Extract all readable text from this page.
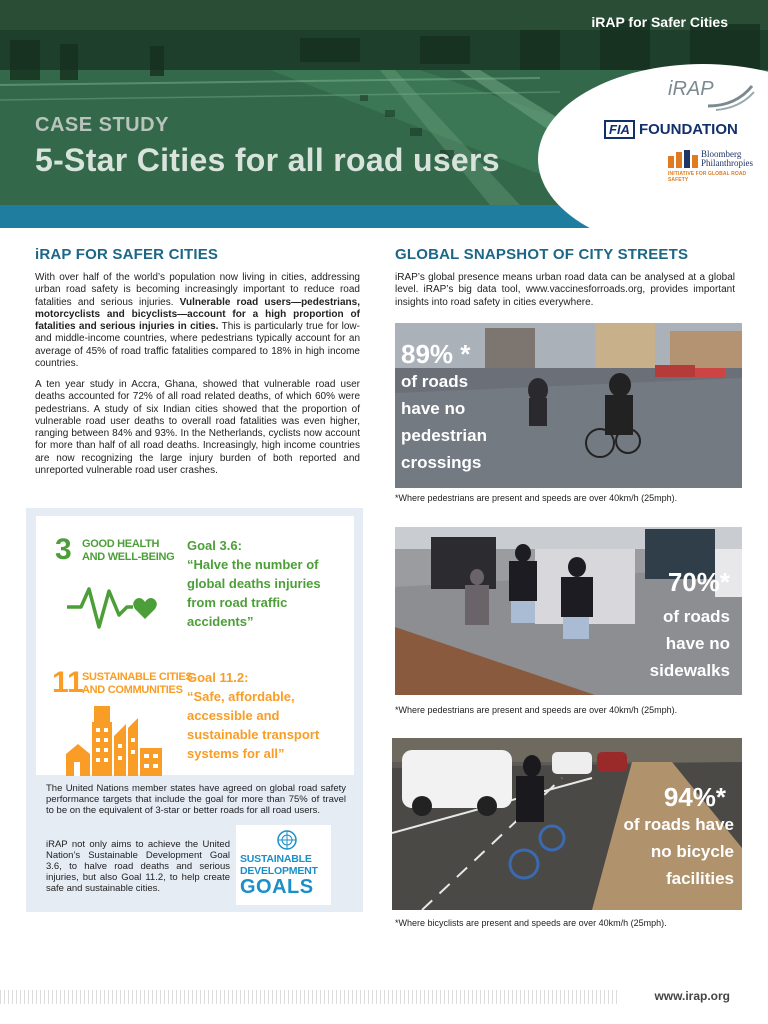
iRAP for Safer Cities
CASE STUDY
5-Star Cities for all road users
iRAP
FIA FOUNDATION
Bloomberg
Philanthropies
INITIATIVE FOR GLOBAL ROAD SAFETY
iRAP FOR SAFER CITIES

With over half of the world’s population now living in cities, addressing urban road safety is becoming increasingly important to reduce road fatalities and serious injuries. Vulnerable road users—pedestrians, motorcyclists and bicyclists—account for a high proportion of fatalities and serious injuries in cities. This is particularly true for low- and middle-income countries, where pedestrians typically account for an average of 45% of road traffic fatalities compared to 18% in high income countries.

A ten year study in Accra, Ghana, showed that vulnerable road user deaths accounted for 72% of all road related deaths, of which 60% were pedestrians. A study of six Indian cities showed that the proportion of vulnerable road user deaths to overall road fatalities was even higher, ranging between 84% and 93%. In the Netherlands, cyclists now account for more than half of all road deaths. Increasingly, high income countries are now recognizing the large injury burden of both reported and unreported vulnerable road user crashes.

3 GOOD HEALTH
AND WELL-BEING
Goal 3.6:
“Halve the number of global deaths injuries from road traffic accidents”
11
SUSTAINABLE CITIES
AND COMMUNITIES
Goal 11.2:
“Safe, affordable, accessible and sustainable transport systems for all”

The United Nations member states have agreed on global road safety performance targets that include the goal for more than 75% of travel to be on the equivalent of 3-star or better roads for all road users.

iRAP not only aims to achieve the United Nation’s Sustainable Development Goal 3.6, to halve road deaths and serious injuries, but also Goal 11.2, to help create safe and sustainable cities.

SUSTAINABLE
DEVELOPMENT
GOALS
GLOBAL SNAPSHOT OF CITY STREETS

iRAP’s global presence means urban road data can be analysed at a global level. iRAP’s big data tool, www.vaccinesforroads.org, provides important insights into road safety in cities everywhere.

89% *
of roads
have no
pedestrian
crossings
*Where pedestrians are present and speeds are over 40km/h (25mph).
70%*
of roads
have no
sidewalks
*Where pedestrians are present and speeds are over 40km/h (25mph).
94%*
of roads have
no bicycle
facilities
*Where bicyclists are present and speeds are over 40km/h (25mph).
www.irap.org
